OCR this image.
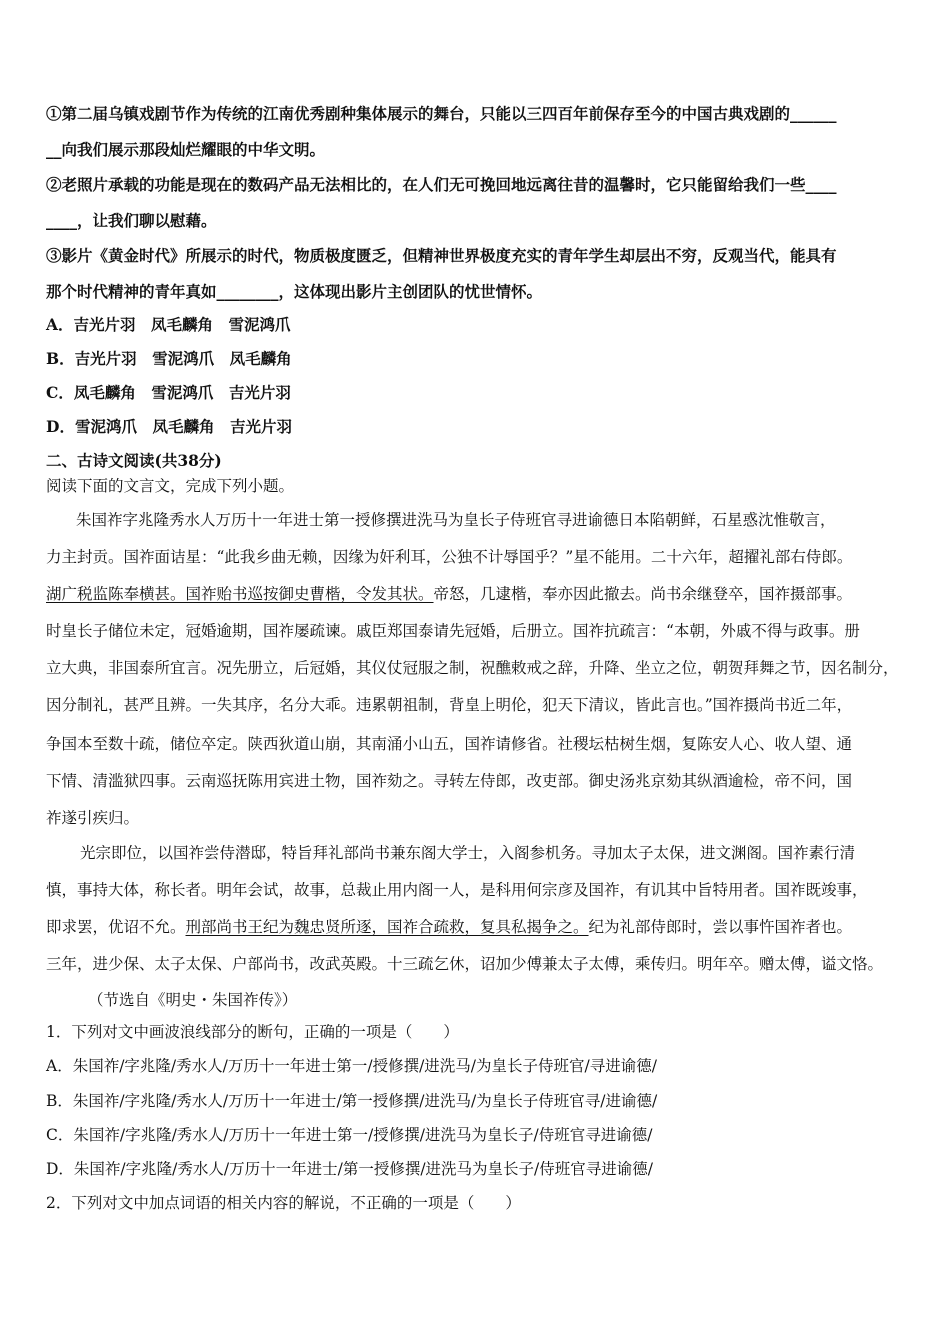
①第二届乌镇戏剧节作为传统的江南优秀剧种集体展示的舞台，只能以三四百年前保存至今的中国古典戏剧的______
__向我们展示那段灿烂耀眼的中华文明。
②老照片承载的功能是现在的数码产品无法相比的，在人们无可挽回地远离往昔的温馨时，它只能留给我们一些____
____，让我们聊以慰藉。
③影片《黄金时代》所展示的时代，物质极度匮乏，但精神世界极度充实的青年学生却层出不穷，反观当代，能具有
那个时代精神的青年真如________，这体现出影片主创团队的忧世情怀。
A．吉光片羽　凤毛麟角　雪泥鸿爪
B．吉光片羽　雪泥鸿爪　凤毛麟角
C．凤毛麟角　雪泥鸿爪　吉光片羽
D．雪泥鸿爪　凤毛麟角　吉光片羽
二、古诗文阅读(共38分)
阅读下面的文言文，完成下列小题。
朱国祚字兆隆秀水人万历十一年进士第一授修撰进洗马为皇长子侍班官寻进谕德日本陷朝鲜，石星惑沈惟敬言，
力主封贡。国祚面诘星：“此我乡曲无赖，因缘为奸利耳，公独不计辱国乎？”星不能用。二十六年，超擢礼部右侍郎。
湖广税监陈奉横甚。国祚贻书巡按御史曹楷，令发其状。帝怒，几逮楷，奉亦因此撤去。尚书余继登卒，国祚摄部事。
时皇长子储位未定，冠婚逾期，国祚屡疏谏。戚臣郑国泰请先冠婚，后册立。国祚抗疏言：“本朝，外戚不得与政事。册
立大典，非国泰所宜言。况先册立，后冠婚，其仪仗冠服之制，祝醮敕戒之辞，升降、坐立之位，朝贺拜舞之节，因名制分，
因分制礼，甚严且辨。一失其序，名分大乖。违累朝祖制，背皇上明伦，犯天下清议，皆此言也。”国祚摄尚书近二年，
争国本至数十疏，储位卒定。陕西狄道山崩，其南涌小山五，国祚请修省。社稷坛枯树生烟，复陈安人心、收人望、通
下情、清滥狱四事。云南巡抚陈用宾进土物，国祚劾之。寻转左侍郎，改吏部。御史汤兆京劾其纵酒逾检，帝不问，国
祚遂引疾归。
光宗即位，以国祚尝侍潜邸，特旨拜礼部尚书兼东阁大学士，入阁参机务。寻加太子太保，进文渊阁。国祚素行清
慎，事持大体，称长者。明年会试，故事，总裁止用内阁一人，是科用何宗彦及国祚，有讥其中旨特用者。国祚既竣事，
即求罢，优诏不允。刑部尚书王纪为魏忠贤所逐，国祚合疏救，复具私揭争之。纪为礼部侍郎时，尝以事忤国祚者也。
三年，进少保、太子太保、户部尚书，改武英殿。十三疏乞休，诏加少傅兼太子太傅，乘传归。明年卒。赠太傅，谥文恪。
（节选自《明史・朱国祚传》）
1．下列对文中画波浪线部分的断句，正确的一项是（　　）
A．朱国祚/字兆隆/秀水人/万历十一年进士第一/授修撰/进洗马/为皇长子侍班官/寻进谕德/
B．朱国祚/字兆隆/秀水人/万历十一年进士/第一授修撰/进洗马/为皇长子侍班官寻/进谕德/
C．朱国祚/字兆隆/秀水人/万历十一年进士第一/授修撰/进洗马为皇长子/侍班官寻进谕德/
D．朱国祚/字兆隆/秀水人/万历十一年进士/第一授修撰/进洗马为皇长子/侍班官寻进谕德/
2．下列对文中加点词语的相关内容的解说，不正确的一项是（　　）
